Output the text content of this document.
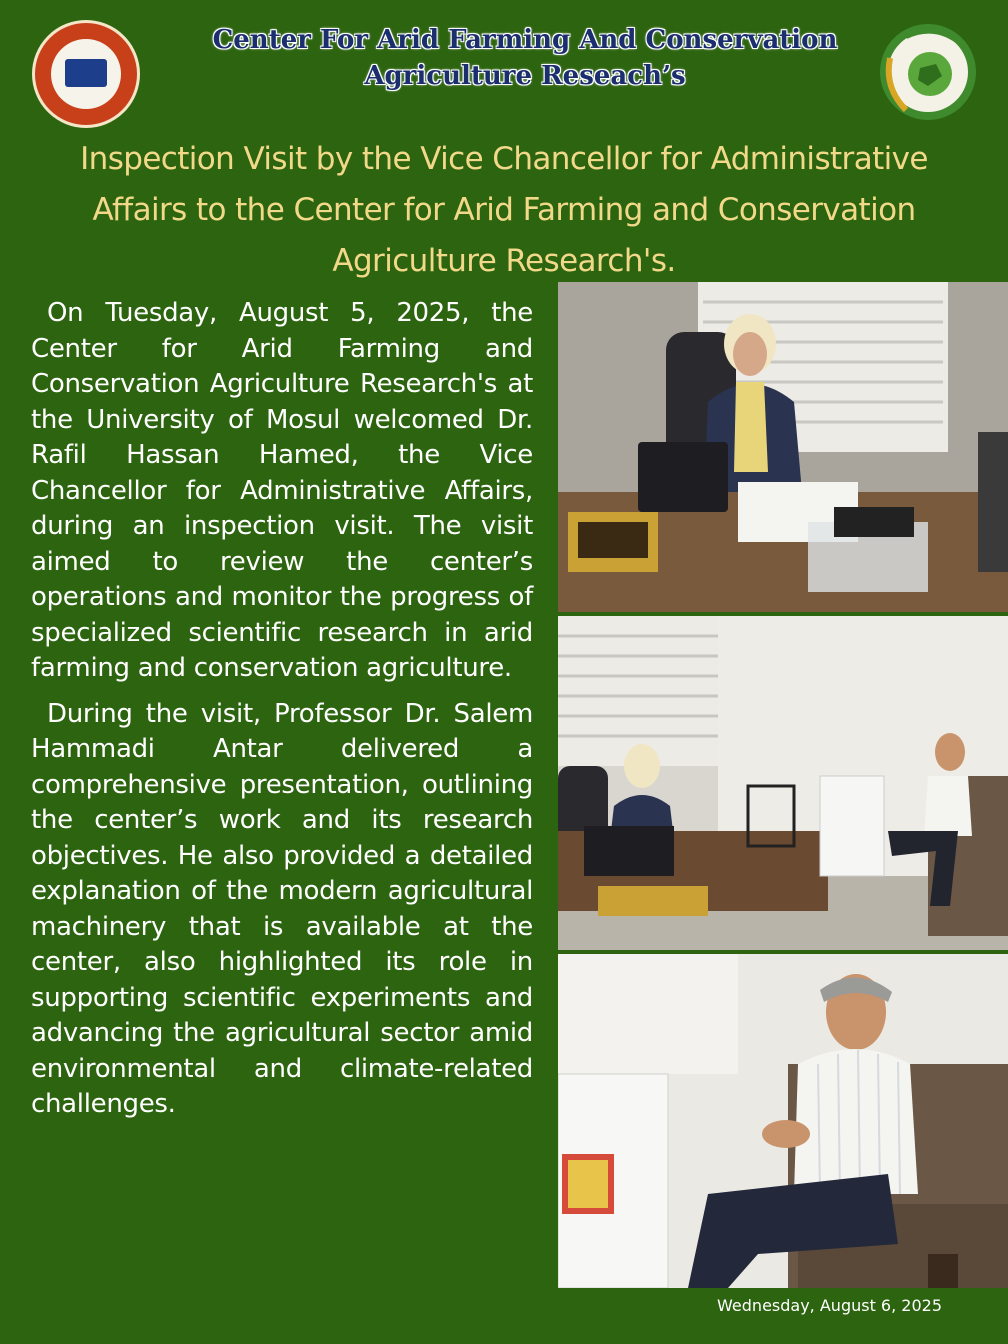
Center For Arid Farming And Conservation
Agriculture Reseach’s
Inspection Visit by the Vice Chancellor for Administrative
Affairs to the Center for Arid Farming and Conservation
Agriculture Research's.

On Tuesday, August 5, 2025, the Center for Arid Farming and Conservation Agriculture Research's at the University of Mosul welcomed Dr. Rafil Hassan Hamed, the Vice Chancellor for Administrative Affairs, during an inspection visit. The visit aimed to review the center’s operations and monitor the progress of specialized scientific research in arid farming and conservation agriculture.

During the visit, Professor Dr. Salem Hammadi Antar delivered a comprehensive presentation, outlining the center’s work and its research objectives. He also provided a detailed explanation of the modern agricultural machinery that is available at the center, also highlighted its role in supporting scientific experiments and advancing the agricultural sector amid environmental and climate-related challenges.

Wednesday, August 6, 2025
